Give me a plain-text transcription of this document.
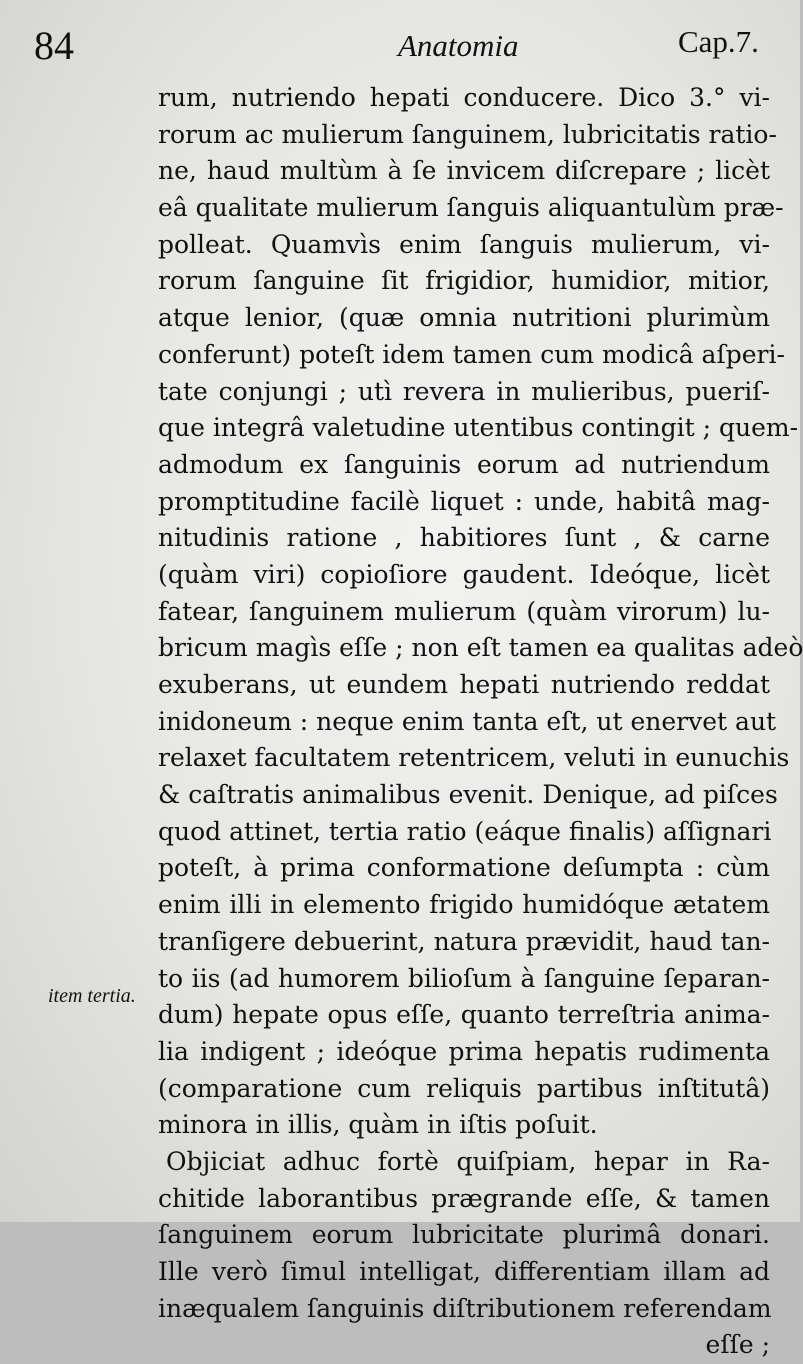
84	Anatomia	Cap.7.
item tertia.
rum, nutriendo hepati conducere. Dico 3.° vi-
rorum ac mulierum ſanguinem, lubricitatis ratio-
ne, haud multùm à ſe invicem diſcrepare ; licèt
eâ qualitate mulierum ſanguis aliquantulùm præ-
polleat. Quamvìs enim ſanguis mulierum, vi-
rorum ſanguine ſit frigidior, humidior, mitior,
atque lenior, (quæ omnia nutritioni plurimùm
conferunt) poteſt idem tamen cum modicâ aſperi-
tate conjungi ; utì revera in mulieribus, pueriſ-
que integrâ valetudine utentibus contingit ; quem-
admodum ex ſanguinis eorum ad nutriendum
promptitudine facilè liquet : unde, habitâ mag-
nitudinis ratione , habitiores ſunt , & carne
(quàm viri) copioſiore gaudent. Ideóque, licèt
fatear, ſanguinem mulierum (quàm virorum) lu-
bricum magìs eſſe ; non eſt tamen ea qualitas adeò
exuberans, ut eundem hepati nutriendo reddat
inidoneum : neque enim tanta eſt, ut enervet aut
relaxet facultatem retentricem, veluti in eunuchis
& caſtratis animalibus evenit. Denique, ad piſces
quod attinet, tertia ratio (eáque finalis) aſſignari
poteſt, à prima conformatione deſumpta : cùm
enim illi in elemento frigido humidóque ætatem
tranſigere debuerint, natura prævidit, haud tan-
to iis (ad humorem bilioſum à ſanguine ſeparan-
dum) hepate opus eſſe, quanto terreſtria anima-
lia indigent ; ideóque prima hepatis rudimenta
(comparatione cum reliquis partibus inſtitutâ)
minora in illis, quàm in iſtis poſuit.
Objiciat adhuc fortè quiſpiam, hepar in Ra-
chitide laborantibus prægrande eſſe, & tamen
ſanguinem eorum lubricitate plurimâ donari.
Ille verò ſimul intelligat, differentiam illam ad
inæqualem ſanguinis diſtributionem referendam
eſſe ;
